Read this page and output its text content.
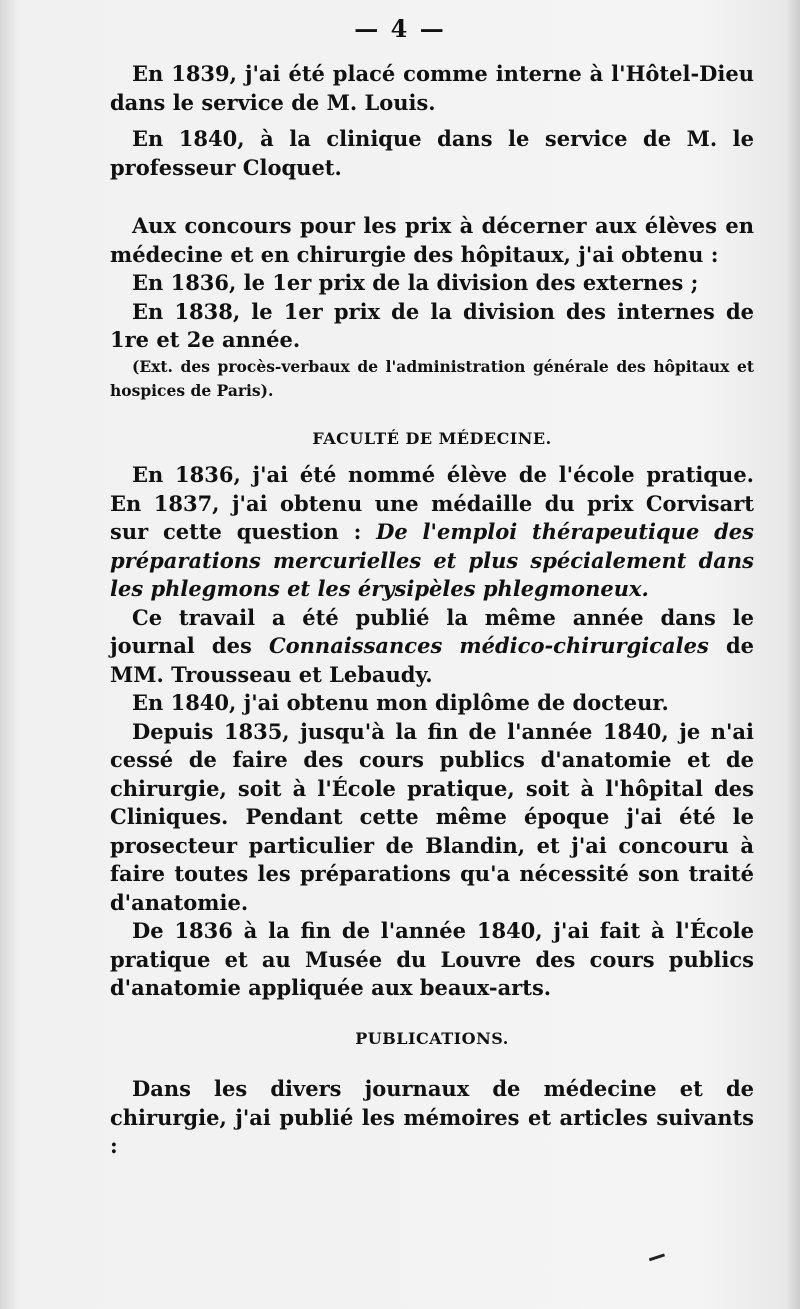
— 4 —

En 1839, j'ai été placé comme interne à l'Hôtel-Dieu dans le service de M. Louis.

En 1840, à la clinique dans le service de M. le professeur Cloquet.

Aux concours pour les prix à décerner aux élèves en médecine et en chirurgie des hôpitaux, j'ai obtenu :

En 1836, le 1er prix de la division des externes ;

En 1838, le 1er prix de la division des internes de 1re et 2e année.

(Ext. des procès-verbaux de l'administration générale des hôpitaux et hospices de Paris).

FACULTÉ DE MÉDECINE.

En 1836, j'ai été nommé élève de l'école pratique. En 1837, j'ai obtenu une médaille du prix Corvisart sur cette question : De l'emploi thérapeutique des préparations mercurielles et plus spécialement dans les phlegmons et les érysipèles phlegmoneux.

Ce travail a été publié la même année dans le journal des Connaissances médico-chirurgicales de MM. Trousseau et Lebaudy.

En 1840, j'ai obtenu mon diplôme de docteur.

Depuis 1835, jusqu'à la fin de l'année 1840, je n'ai cessé de faire des cours publics d'anatomie et de chirurgie, soit à l'École pratique, soit à l'hôpital des Cliniques. Pendant cette même époque j'ai été le prosecteur particulier de Blandin, et j'ai concouru à faire toutes les préparations qu'a nécessité son traité d'anatomie.

De 1836 à la fin de l'année 1840, j'ai fait à l'École pratique et au Musée du Louvre des cours publics d'anatomie appliquée aux beaux-arts.

PUBLICATIONS.

Dans les divers journaux de médecine et de chirurgie, j'ai publié les mémoires et articles suivants :
